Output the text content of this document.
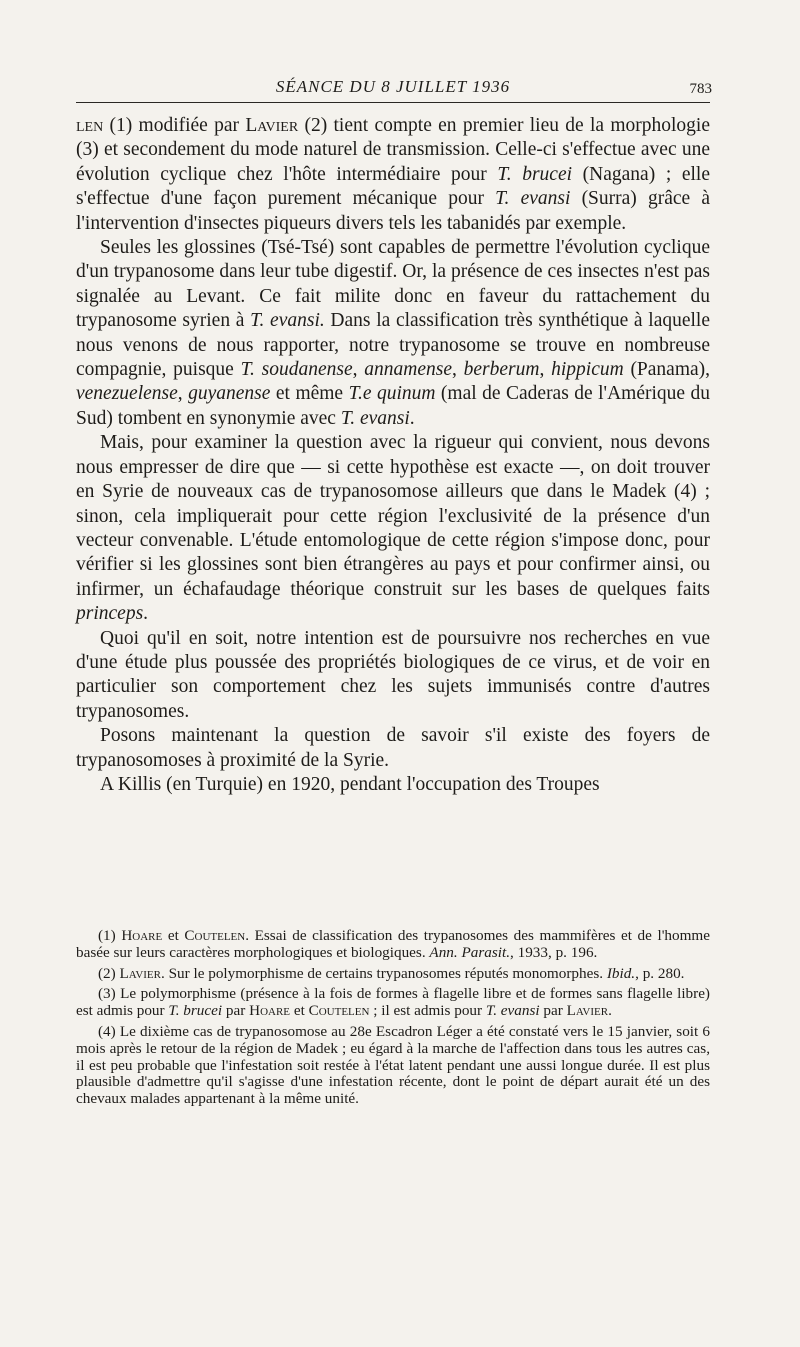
SÉANCE DU 8 JUILLET 1936	783

len (1) modifiée par Lavier (2) tient compte en premier lieu de la morphologie (3) et secondement du mode naturel de transmission. Celle-ci s'effectue avec une évolution cyclique chez l'hôte intermédiaire pour T. brucei (Nagana) ; elle s'effectue d'une façon purement mécanique pour T. evansi (Surra) grâce à l'intervention d'insectes piqueurs divers tels les tabanidés par exemple.

Seules les glossines (Tsé-Tsé) sont capables de permettre l'évolution cyclique d'un trypanosome dans leur tube digestif. Or, la présence de ces insectes n'est pas signalée au Levant. Ce fait milite donc en faveur du rattachement du trypanosome syrien à T. evansi. Dans la classification très synthétique à laquelle nous venons de nous rapporter, notre trypanosome se trouve en nombreuse compagnie, puisque T. soudanense, annamense, berberum, hippicum (Panama), venezuelense, guyanense et même T.e quinum (mal de Caderas de l'Amérique du Sud) tombent en synonymie avec T. evansi.

Mais, pour examiner la question avec la rigueur qui convient, nous devons nous empresser de dire que — si cette hypothèse est exacte —, on doit trouver en Syrie de nouveaux cas de trypanosomose ailleurs que dans le Madek (4) ; sinon, cela impliquerait pour cette région l'exclusivité de la présence d'un vecteur convenable. L'étude entomologique de cette région s'impose donc, pour vérifier si les glossines sont bien étrangères au pays et pour confirmer ainsi, ou infirmer, un échafaudage théorique construit sur les bases de quelques faits princeps.

Quoi qu'il en soit, notre intention est de poursuivre nos recherches en vue d'une étude plus poussée des propriétés biologiques de ce virus, et de voir en particulier son comportement chez les sujets immunisés contre d'autres trypanosomes.

Posons maintenant la question de savoir s'il existe des foyers de trypanosomoses à proximité de la Syrie.

A Killis (en Turquie) en 1920, pendant l'occupation des Troupes

(1) Hoare et Coutelen. Essai de classification des trypanosomes des mammifères et de l'homme basée sur leurs caractères morphologiques et biologiques. Ann. Parasit., 1933, p. 196.

(2) Lavier. Sur le polymorphisme de certains trypanosomes réputés monomorphes. Ibid., p. 280.

(3) Le polymorphisme (présence à la fois de formes à flagelle libre et de formes sans flagelle libre) est admis pour T. brucei par Hoare et Coutelen ; il est admis pour T. evansi par Lavier.

(4) Le dixième cas de trypanosomose au 28e Escadron Léger a été constaté vers le 15 janvier, soit 6 mois après le retour de la région de Madek ; eu égard à la marche de l'affection dans tous les autres cas, il est peu probable que l'infestation soit restée à l'état latent pendant une aussi longue durée. Il est plus plausible d'admettre qu'il s'agisse d'une infestation récente, dont le point de départ aurait été un des chevaux malades appartenant à la même unité.
